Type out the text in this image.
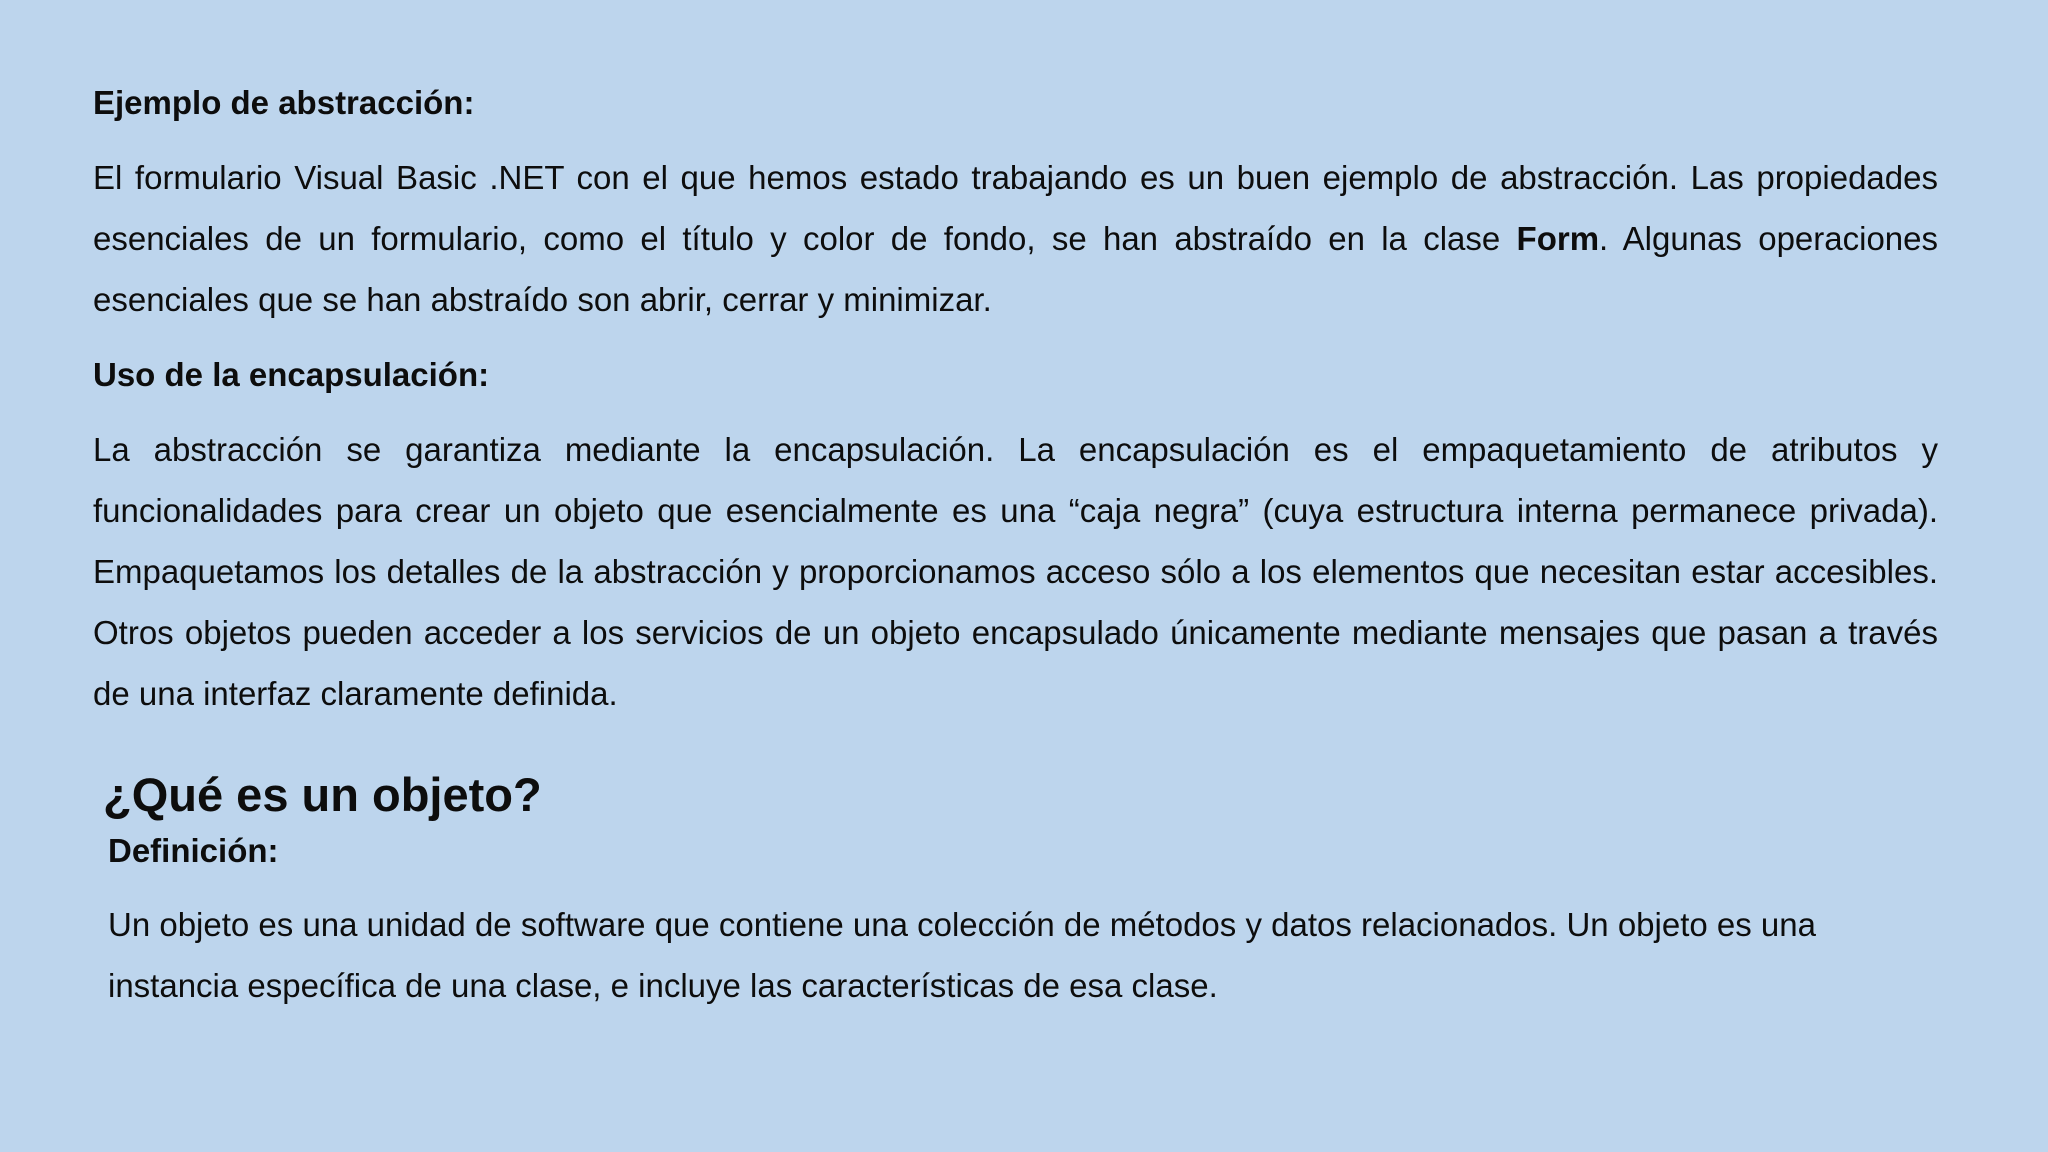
Ejemplo de abstracción:
El formulario Visual Basic .NET con el que hemos estado trabajando es un buen ejemplo de abstracción. Las propiedades esenciales de un formulario, como el título y color de fondo, se han abstraído en la clase Form. Algunas operaciones esenciales que se han abstraído son abrir, cerrar y minimizar.
Uso de la encapsulación:
La abstracción se garantiza mediante la encapsulación. La encapsulación es el empaquetamiento de atributos y funcionalidades para crear un objeto que esencialmente es una “caja negra” (cuya estructura interna permanece privada). Empaquetamos los detalles de la abstracción y proporcionamos acceso sólo a los elementos que necesitan estar accesibles. Otros objetos pueden acceder a los servicios de un objeto encapsulado únicamente mediante mensajes que pasan a través de una interfaz claramente definida.
¿Qué es un objeto?
Definición:
Un objeto es una unidad de software que contiene una colección de métodos y datos relacionados. Un objeto es una instancia específica de una clase, e incluye las características de esa clase.
